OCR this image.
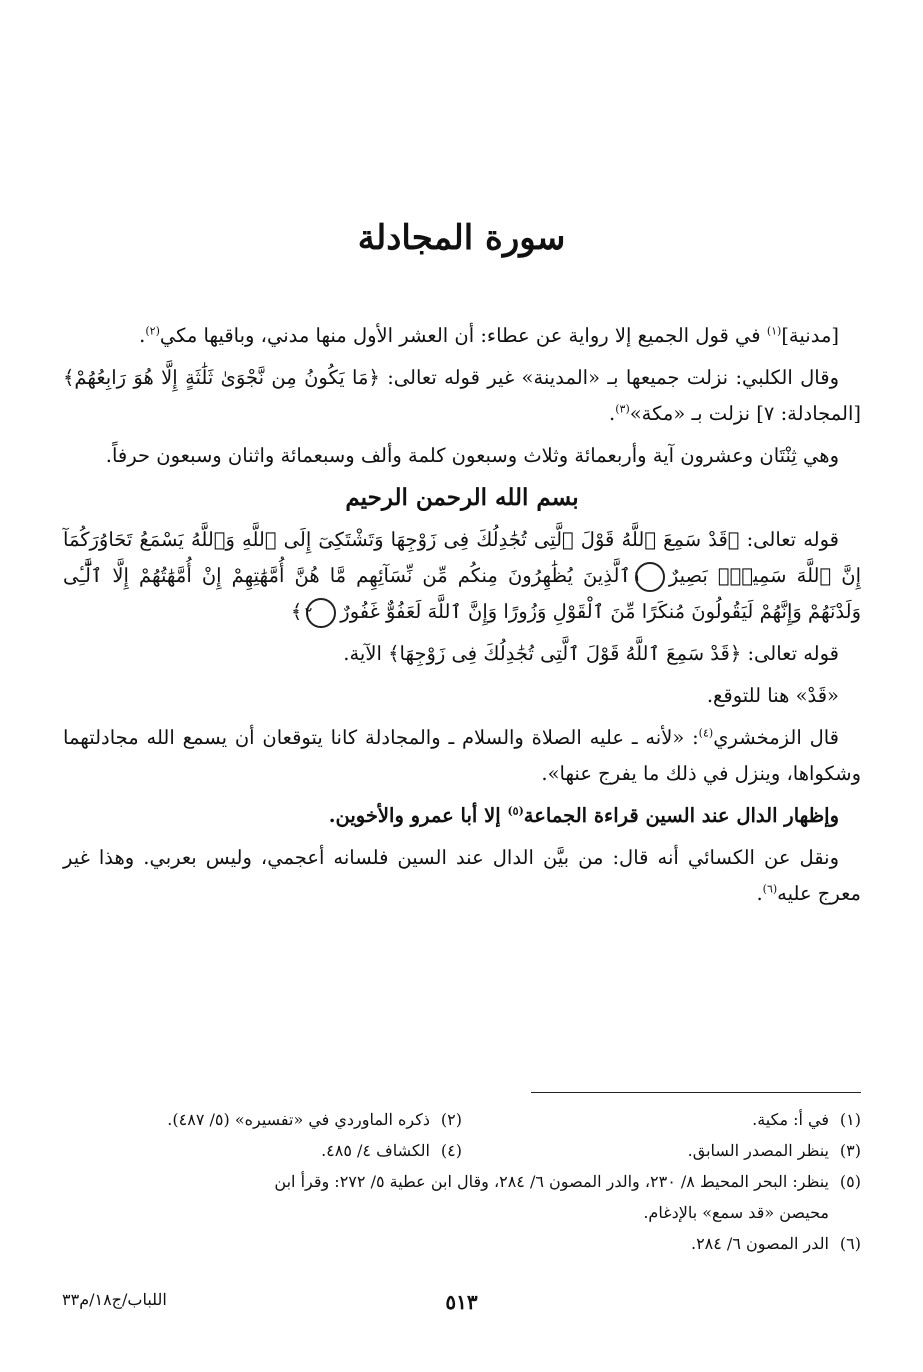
سورة المجادلة

[مدنية]$^{(١)}$ في قول الجميع إلا رواية عن عطاء: أن العشر الأول منها مدني، وباقيها مكي$^{(٢)}$.

وقال الكلبي: نزلت جميعها بـ «المدينة» غير قوله تعالى: ﴿مَا يَكُونُ مِن نَّجْوَىٰ ثَلَٰثَةٍ إِلَّا هُوَ رَابِعُهُمْ﴾ [المجادلة: ٧] نزلت بـ «مكة»$^{(٣)}$.

وهي ثِنْتَان وعشرون آية وأربعمائة وثلاث وسبعون كلمة وألف وسبعمائة واثنان وسبعون حرفاً.

بسم الله الرحمن الرحيم

قوله تعالى: ﴿قَدْ سَمِعَ ٱللَّهُ قَوْلَ ٱلَّتِى تُجَٰدِلُكَ فِى زَوْجِهَا وَتَشْتَكِىٓ إِلَى ٱللَّهِ وَٱللَّهُ يَسْمَعُ تَحَاوُرَكُمَآ إِنَّ ٱللَّهَ سَمِيعٌۢ بَصِيرٌ١ٱلَّذِينَ يُظَٰهِرُونَ مِنكُم مِّن نِّسَآئِهِم مَّا هُنَّ أُمَّهَٰتِهِمْ إِنْ أُمَّهَٰتُهُمْ إِلَّا ٱلَّٰٓـِٔى وَلَدْنَهُمْ وَإِنَّهُمْ لَيَقُولُونَ مُنكَرًا مِّنَ ٱلْقَوْلِ وَزُورًا وَإِنَّ ٱللَّهَ لَعَفُوٌّ غَفُورٌ٢﴾

قوله تعالى: ﴿قَدْ سَمِعَ ٱللَّهُ قَوْلَ ٱلَّتِى تُجَٰدِلُكَ فِى زَوْجِهَا﴾ الآية.

«قَدْ» هنا للتوقع.

قال الزمخشري$^{(٤)}$: «لأنه ـ عليه الصلاة والسلام ـ والمجادلة كانا يتوقعان أن يسمع الله مجادلتهما وشكواها، وينزل في ذلك ما يفرج عنها».

وإظهار الدال عند السين قراءة الجماعة$^{(٥)}$ إلا أبا عمرو والأخوين.

ونقل عن الكسائي أنه قال: من بيَّن الدال عند السين فلسانه أعجمي، وليس بعربي. وهذا غير معرج عليه$^{(٦)}$.

(١)في أ: مكية.
(٢)ذكره الماوردي في «تفسيره» (٥/ ٤٨٧).
(٣)ينظر المصدر السابق.
(٤)الكشاف ٤/ ٤٨٥.
(٥)ينظر: البحر المحيط ٨/ ٢٣٠، والدر المصون ٦/ ٢٨٤، وقال ابن عطية ٥/ ٢٧٢: وقرأ ابن
محيصن «قد سمع» بالإدغام.
(٦)الدر المصون ٦/ ٢٨٤.
٥١٣
اللباب/ج١٨/م٣٣
